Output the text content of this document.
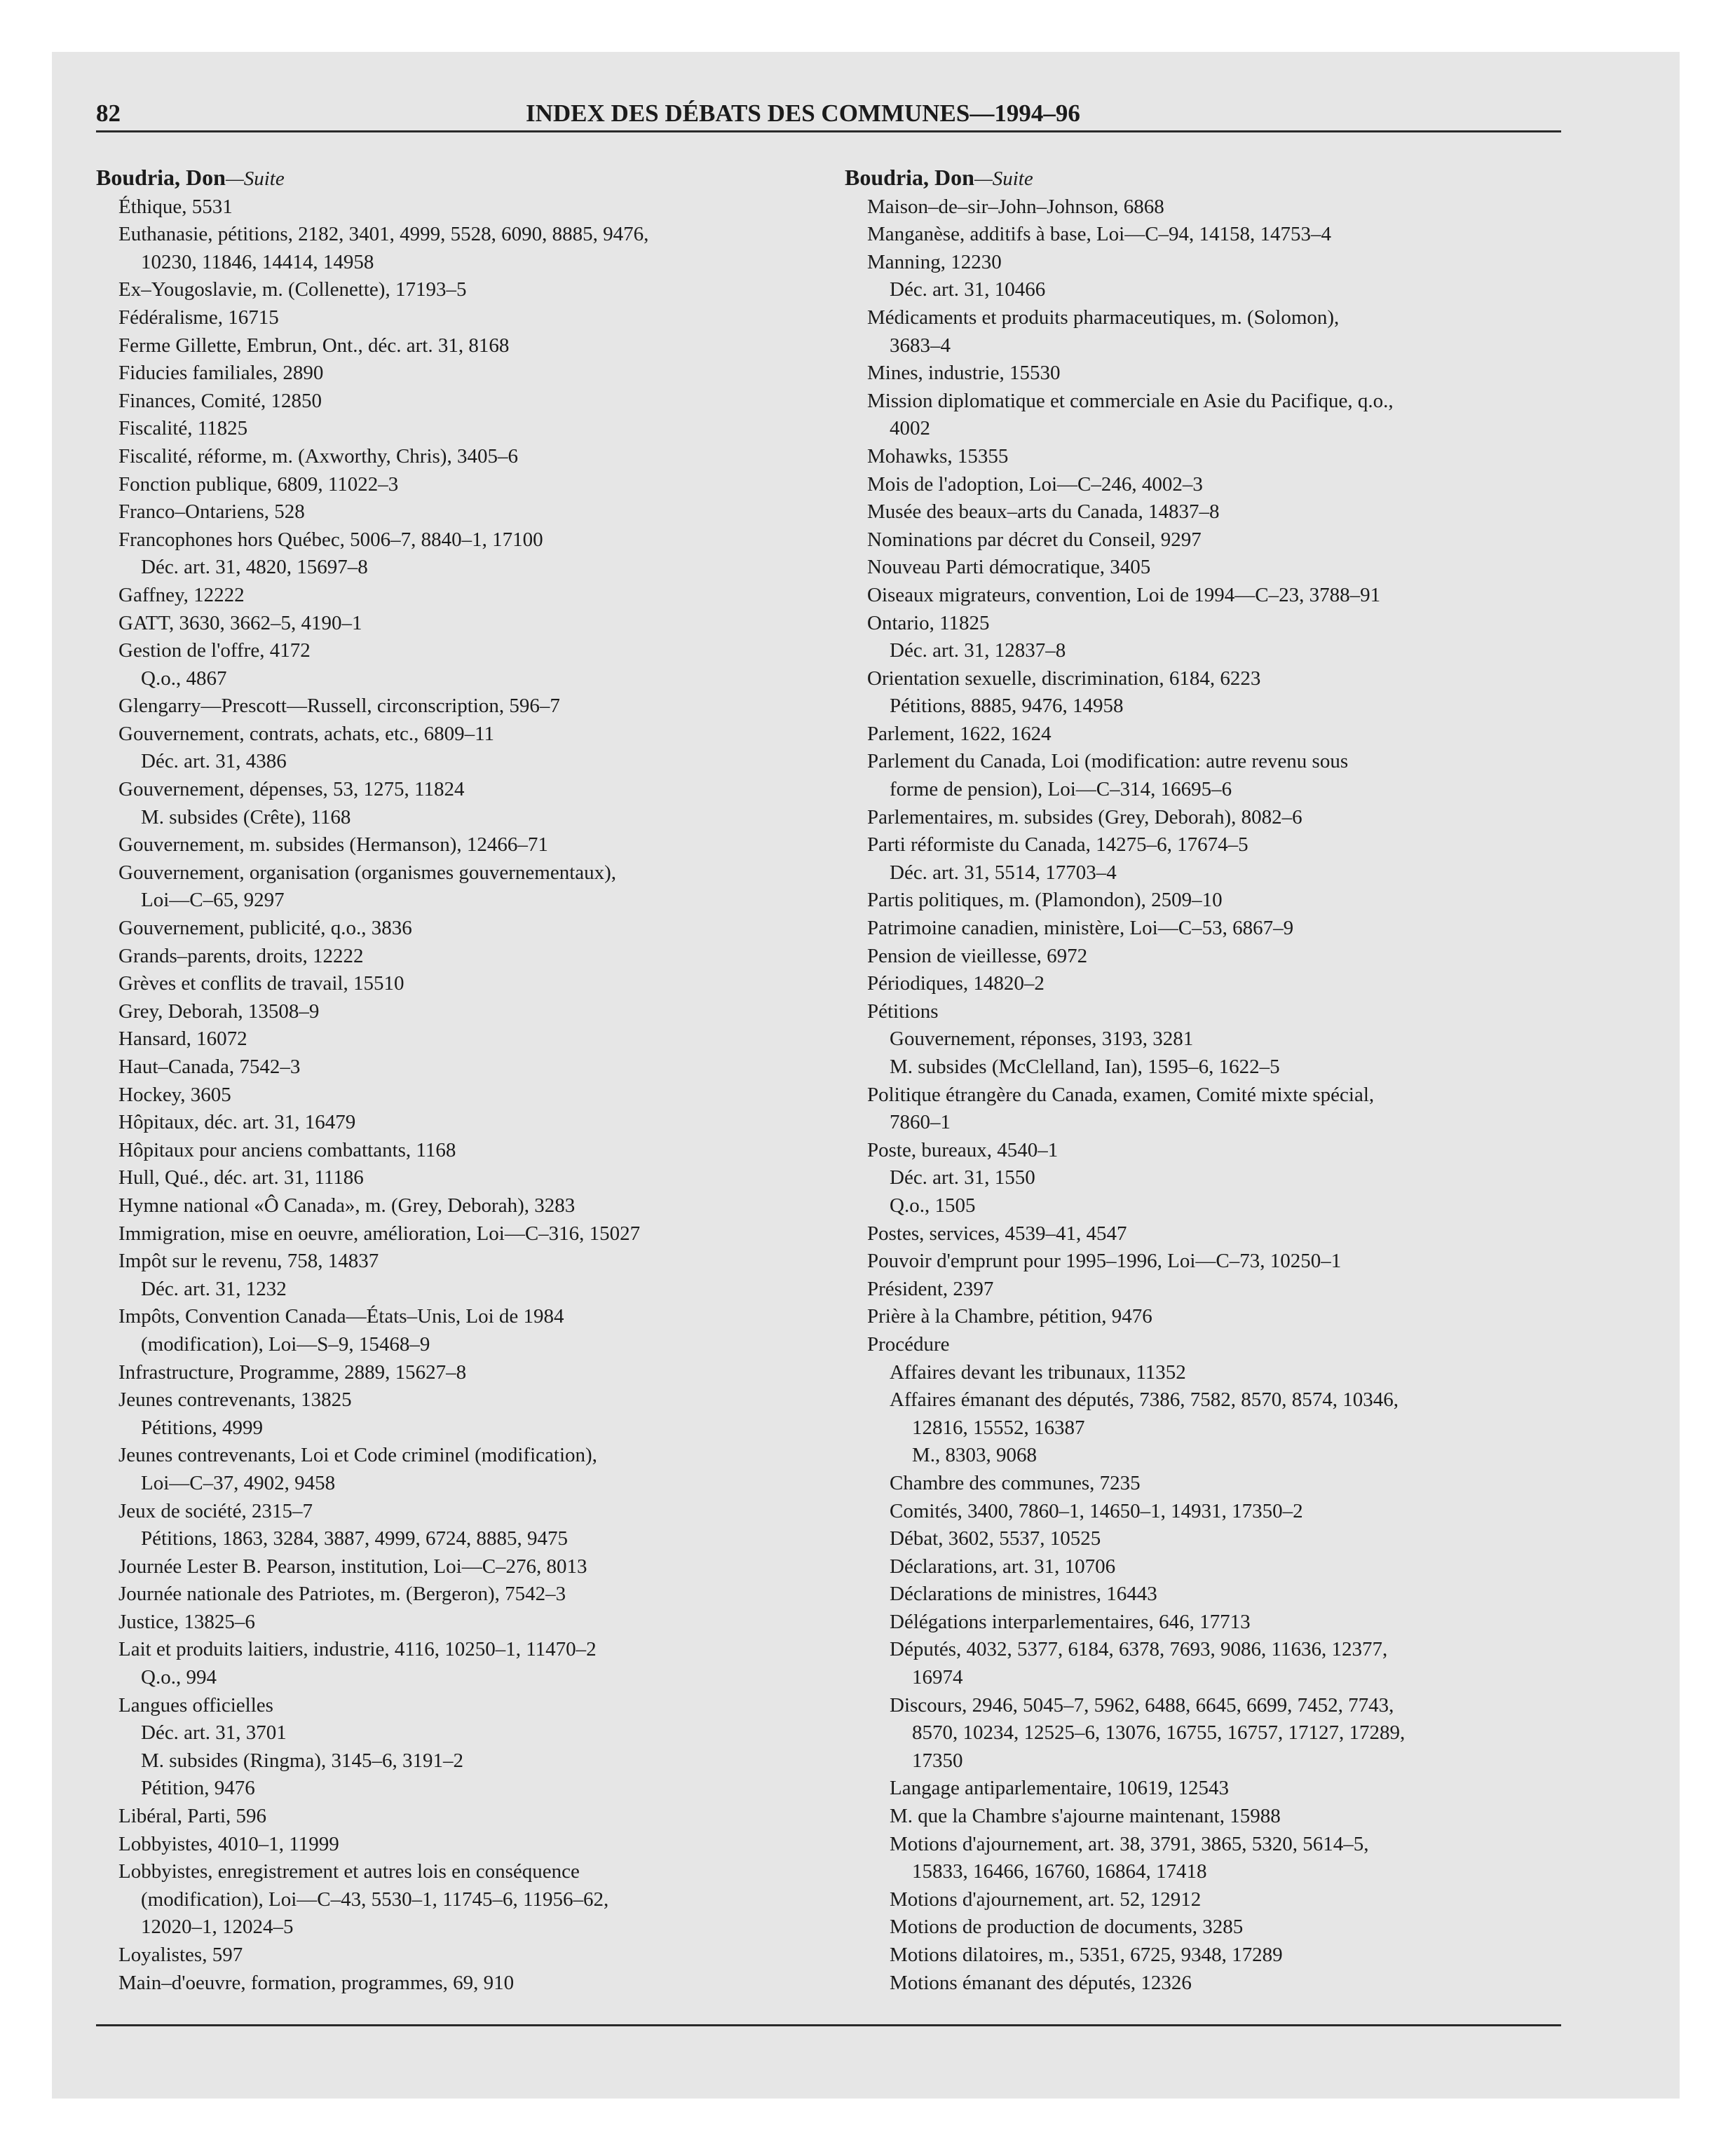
82	INDEX DES DÉBATS DES COMMUNES—1994–96
Boudria, Don—Suite
Éthique, 5531
Euthanasie, pétitions, 2182, 3401, 4999, 5528, 6090, 8885, 9476,
10230, 11846, 14414, 14958
Ex–Yougoslavie, m. (Collenette), 17193–5
Fédéralisme, 16715
Ferme Gillette, Embrun, Ont., déc. art. 31, 8168
Fiducies familiales, 2890
Finances, Comité, 12850
Fiscalité, 11825
Fiscalité, réforme, m. (Axworthy, Chris), 3405–6
Fonction publique, 6809, 11022–3
Franco–Ontariens, 528
Francophones hors Québec, 5006–7, 8840–1, 17100
Déc. art. 31, 4820, 15697–8
Gaffney, 12222
GATT, 3630, 3662–5, 4190–1
Gestion de l'offre, 4172
Q.o., 4867
Glengarry—Prescott—Russell, circonscription, 596–7
Gouvernement, contrats, achats, etc., 6809–11
Déc. art. 31, 4386
Gouvernement, dépenses, 53, 1275, 11824
M. subsides (Crête), 1168
Gouvernement, m. subsides (Hermanson), 12466–71
Gouvernement, organisation (organismes gouvernementaux),
Loi—C–65, 9297
Gouvernement, publicité, q.o., 3836
Grands–parents, droits, 12222
Grèves et conflits de travail, 15510
Grey, Deborah, 13508–9
Hansard, 16072
Haut–Canada, 7542–3
Hockey, 3605
Hôpitaux, déc. art. 31, 16479
Hôpitaux pour anciens combattants, 1168
Hull, Qué., déc. art. 31, 11186
Hymne national «Ô Canada», m. (Grey, Deborah), 3283
Immigration, mise en oeuvre, amélioration, Loi—C–316, 15027
Impôt sur le revenu, 758, 14837
Déc. art. 31, 1232
Impôts, Convention Canada—États–Unis, Loi de 1984
(modification), Loi—S–9, 15468–9
Infrastructure, Programme, 2889, 15627–8
Jeunes contrevenants, 13825
Pétitions, 4999
Jeunes contrevenants, Loi et Code criminel (modification),
Loi—C–37, 4902, 9458
Jeux de société, 2315–7
Pétitions, 1863, 3284, 3887, 4999, 6724, 8885, 9475
Journée Lester B. Pearson, institution, Loi—C–276, 8013
Journée nationale des Patriotes, m. (Bergeron), 7542–3
Justice, 13825–6
Lait et produits laitiers, industrie, 4116, 10250–1, 11470–2
Q.o., 994
Langues officielles
Déc. art. 31, 3701
M. subsides (Ringma), 3145–6, 3191–2
Pétition, 9476
Libéral, Parti, 596
Lobbyistes, 4010–1, 11999
Lobbyistes, enregistrement et autres lois en conséquence
(modification), Loi—C–43, 5530–1, 11745–6, 11956–62,
12020–1, 12024–5
Loyalistes, 597
Main–d'oeuvre, formation, programmes, 69, 910
Boudria, Don—Suite
Maison–de–sir–John–Johnson, 6868
Manganèse, additifs à base, Loi—C–94, 14158, 14753–4
Manning, 12230
Déc. art. 31, 10466
Médicaments et produits pharmaceutiques, m. (Solomon),
3683–4
Mines, industrie, 15530
Mission diplomatique et commerciale en Asie du Pacifique, q.o.,
4002
Mohawks, 15355
Mois de l'adoption, Loi—C–246, 4002–3
Musée des beaux–arts du Canada, 14837–8
Nominations par décret du Conseil, 9297
Nouveau Parti démocratique, 3405
Oiseaux migrateurs, convention, Loi de 1994—C–23, 3788–91
Ontario, 11825
Déc. art. 31, 12837–8
Orientation sexuelle, discrimination, 6184, 6223
Pétitions, 8885, 9476, 14958
Parlement, 1622, 1624
Parlement du Canada, Loi (modification: autre revenu sous
forme de pension), Loi—C–314, 16695–6
Parlementaires, m. subsides (Grey, Deborah), 8082–6
Parti réformiste du Canada, 14275–6, 17674–5
Déc. art. 31, 5514, 17703–4
Partis politiques, m. (Plamondon), 2509–10
Patrimoine canadien, ministère, Loi—C–53, 6867–9
Pension de vieillesse, 6972
Périodiques, 14820–2
Pétitions
Gouvernement, réponses, 3193, 3281
M. subsides (McClelland, Ian), 1595–6, 1622–5
Politique étrangère du Canada, examen, Comité mixte spécial,
7860–1
Poste, bureaux, 4540–1
Déc. art. 31, 1550
Q.o., 1505
Postes, services, 4539–41, 4547
Pouvoir d'emprunt pour 1995–1996, Loi—C–73, 10250–1
Président, 2397
Prière à la Chambre, pétition, 9476
Procédure
Affaires devant les tribunaux, 11352
Affaires émanant des députés, 7386, 7582, 8570, 8574, 10346,
12816, 15552, 16387
M., 8303, 9068
Chambre des communes, 7235
Comités, 3400, 7860–1, 14650–1, 14931, 17350–2
Débat, 3602, 5537, 10525
Déclarations, art. 31, 10706
Déclarations de ministres, 16443
Délégations interparlementaires, 646, 17713
Députés, 4032, 5377, 6184, 6378, 7693, 9086, 11636, 12377,
16974
Discours, 2946, 5045–7, 5962, 6488, 6645, 6699, 7452, 7743,
8570, 10234, 12525–6, 13076, 16755, 16757, 17127, 17289,
17350
Langage antiparlementaire, 10619, 12543
M. que la Chambre s'ajourne maintenant, 15988
Motions d'ajournement, art. 38, 3791, 3865, 5320, 5614–5,
15833, 16466, 16760, 16864, 17418
Motions d'ajournement, art. 52, 12912
Motions de production de documents, 3285
Motions dilatoires, m., 5351, 6725, 9348, 17289
Motions émanant des députés, 12326
